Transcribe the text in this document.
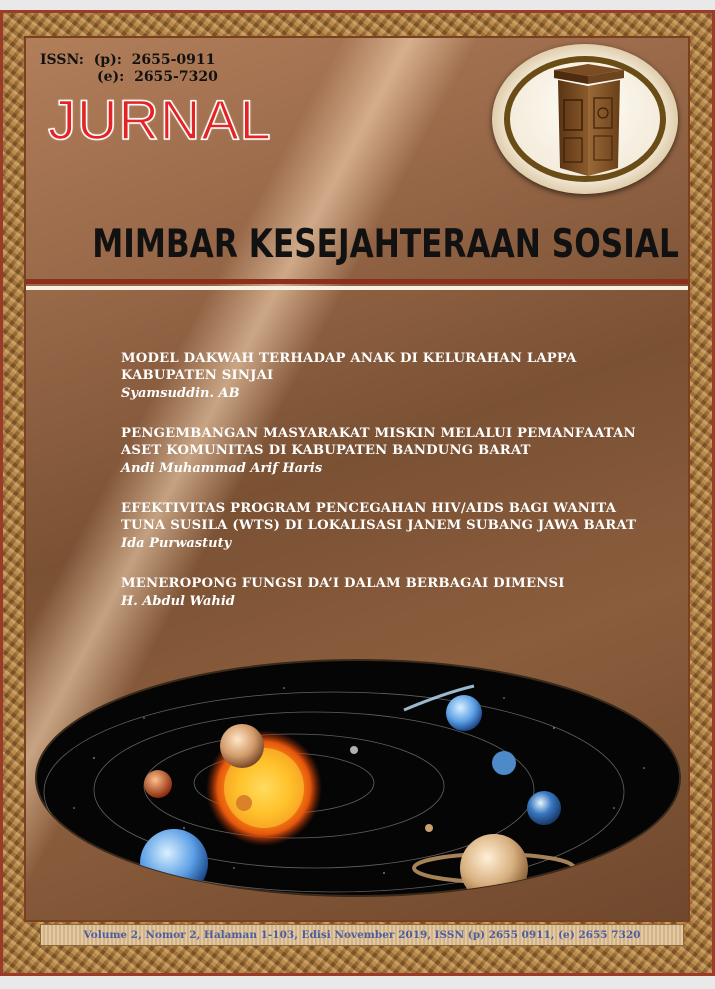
ISSN: (p): 2655-0911
(e): 2655-7320
JURNAL
MIMBAR KESEJAHTERAAN SOSIAL
MODEL DAKWAH TERHADAP ANAK DI KELURAHAN LAPPA
KABUPATEN SINJAI
Syamsuddin. AB
PENGEMBANGAN MASYARAKAT MISKIN MELALUI PEMANFAATAN
ASET KOMUNITAS DI KABUPATEN BANDUNG BARAT
Andi Muhammad Arif Haris
EFEKTIVITAS PROGRAM PENCEGAHAN HIV/AIDS BAGI WANITA
TUNA SUSILA (WTS) DI LOKALISASI JANEM SUBANG JAWA BARAT
Ida Purwastuty
MENEROPONG FUNGSI DA’I DALAM BERBAGAI DIMENSI
H. Abdul Wahid
Volume 2, Nomor 2, Halaman 1-103, Edisi November 2019, ISSN (p) 2655 0911, (e) 2655 7320
